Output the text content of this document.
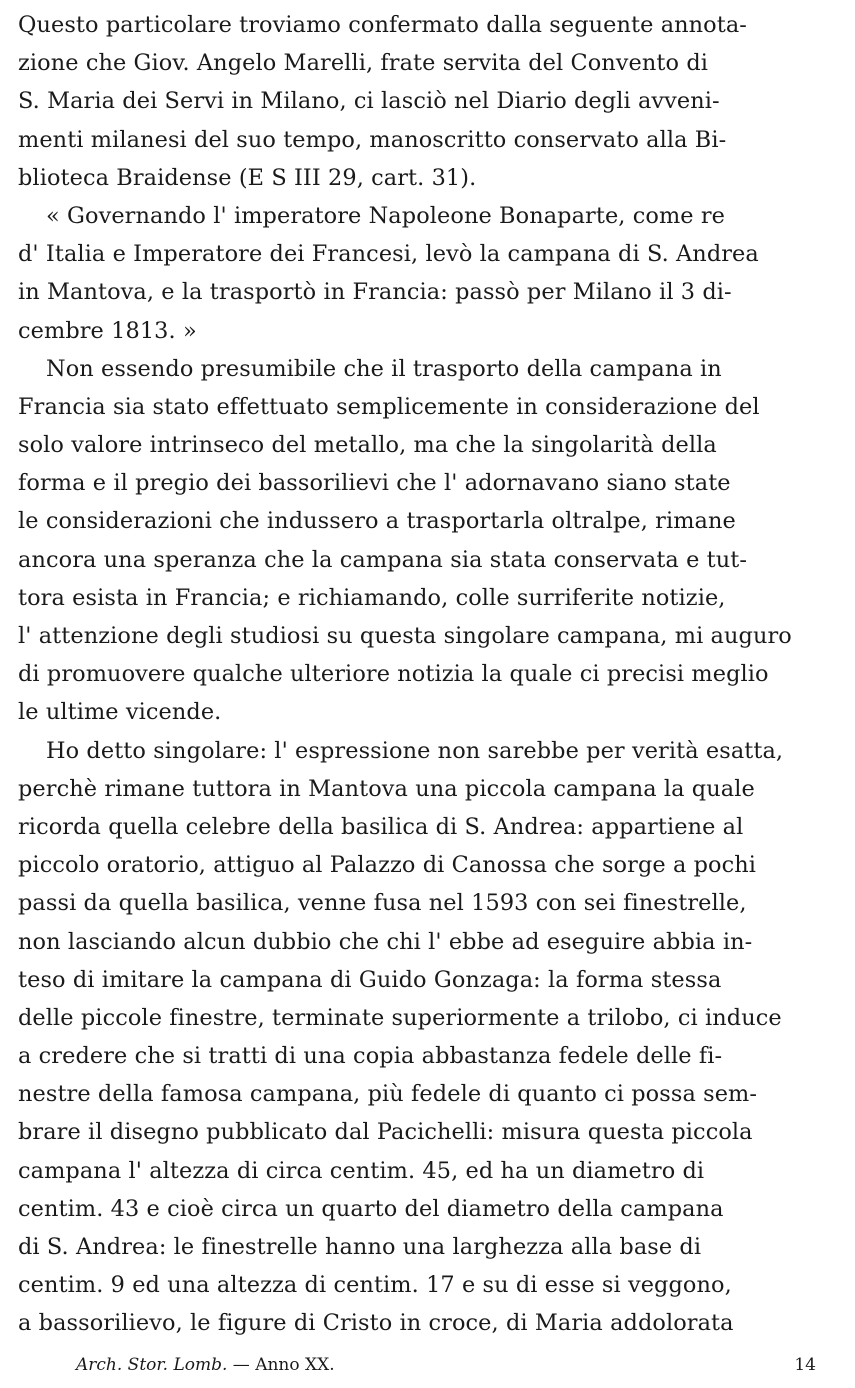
Questo particolare troviamo confermato dalla seguente annota-
zione che Giov. Angelo Marelli, frate servita del Convento di
S. Maria dei Servi in Milano, ci lasciò nel Diario degli avveni-
menti milanesi del suo tempo, manoscritto conservato alla Bi-
blioteca Braidense (E S III 29, cart. 31).
« Governando l' imperatore Napoleone Bonaparte, come re
d' Italia e Imperatore dei Francesi, levò la campana di S. Andrea
in Mantova, e la trasportò in Francia: passò per Milano il 3 di-
cembre 1813. »
Non essendo presumibile che il trasporto della campana in
Francia sia stato effettuato semplicemente in considerazione del
solo valore intrinseco del metallo, ma che la singolarità della
forma e il pregio dei bassorilievi che l' adornavano siano state
le considerazioni che indussero a trasportarla oltralpe, rimane
ancora una speranza che la campana sia stata conservata e tut-
tora esista in Francia; e richiamando, colle surriferite notizie,
l' attenzione degli studiosi su questa singolare campana, mi auguro
di promuovere qualche ulteriore notizia la quale ci precisi meglio
le ultime vicende.
Ho detto singolare: l' espressione non sarebbe per verità esatta,
perchè rimane tuttora in Mantova una piccola campana la quale
ricorda quella celebre della basilica di S. Andrea: appartiene al
piccolo oratorio, attiguo al Palazzo di Canossa che sorge a pochi
passi da quella basilica, venne fusa nel 1593 con sei finestrelle,
non lasciando alcun dubbio che chi l' ebbe ad eseguire abbia in-
teso di imitare la campana di Guido Gonzaga: la forma stessa
delle piccole finestre, terminate superiormente a trilobo, ci induce
a credere che si tratti di una copia abbastanza fedele delle fi-
nestre della famosa campana, più fedele di quanto ci possa sem-
brare il disegno pubblicato dal Pacichelli: misura questa piccola
campana l' altezza di circa centim. 45, ed ha un diametro di
centim. 43 e cioè circa un quarto del diametro della campana
di S. Andrea: le finestrelle hanno una larghezza alla base di
centim. 9 ed una altezza di centim. 17 e su di esse si veggono,
a bassorilievo, le figure di Cristo in croce, di Maria addolorata
Arch. Stor. Lomb. — Anno XX.	14
